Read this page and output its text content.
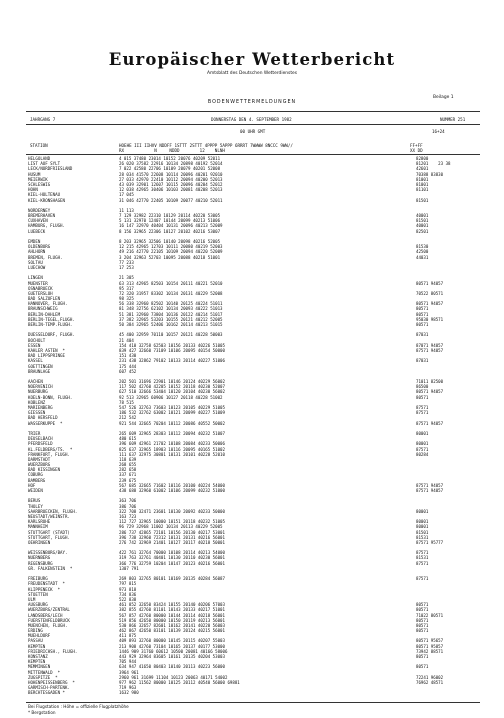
Europäischer Wetterbericht
Amtsblatt des Deutschen Wetterdienstes
Beilage 1
BODENWETTERMELDUNGEN
JAHRGANG 7	DONNERSTAG DEN 4. SEPTEMBER 1982	NUMMER 251
00 UHR GMT	16+24
STATION	HOEHE III IIHVV NDDFF 1STTT 2STTT 4PPPP 5APPP 6RRRT 7WWWW 8NCCC 9WW//
RX            N     NDDD        12    NLNH
FF+FF
XX DD
HELGOLAND	4 015 37480 23014 10152 20076 40209 52011	82800
LIST AUF SYLT	26 020 37582 22916 10134 20898 40192 52014	81201    23 38
LECK/NORDFRIESLAND	7 022 42580 22706 10109 20079 40201 52008	42601
HUSUM	28 034 41570 22608 10114 20096 40201 92010	70388 83830
MEIERWIK	27 033 42970 22410 10112 20094 40200 52013	81001
SCHLESWIG	43 039 32901 12607 10115 20096 40204 52012	81001
HOHN	12 038 42965 30406 10103 20081 40208 52013	81101
KIEL-HOLTENAU	17 045
KIEL-KRONSHAGEN	31 046 42770 22405 10109 20077 40210 52011	81501
NORDERNEY	11 113
BREMERHAVEN	7 129 32982 22310 10129 20114 40220 53005	40001
CUXHAVEN	5 131 32970 12407 10144 20099 40213 51006	81501
HAMBURG, FLUGH.	16 147 32970 40404 10131 20096 40213 52009	40001
LUEBECK	8 156 32965 22306 10127 20102 40216 53007	82501
EMDEN	8 203 32965 32506 10140 20098 40216 52005
OLDENBURG	12 215 42965 12703 10111 20080 40219 52003	81530
AHLHORN	49 216 42770 22105 10109 20094 40220 52009	42500
BREMEN, FLUGH.	3 204 32963 52703 10095 20088 40218 51001	44031
SOLTAU	77 233
LUECHOW	17 253
LINGEN	21 305
MUENSTER	63 313 42965 82503 10154 20111 40221 52010	80571 94057
OSNABRUECK	95 317
GUETERSLOH	72 320 31957 83302 10134 20131 40229 52008	70522 80571
BAD SALZUFLEN	98 325
HANNOVER, FLUGH.	56 338 32960 82502 10140 20125 40224 51011	80571 94057
BRAUNSCHWEIG	81 348 32756 62102 10134 20093 40222 51013	80571
BERLIN-DAHLEM	51 381 32960 73804 10136 20122 40214 51017	80571
BERLIN-TEGEL,FLUGH.	37 382 32965 53203 10155 20121 40212 52005	95030 98571
BERLIN-TEMP.FLUGH.	50 384 32965 52406 10162 20114 40213 51015	80571
DUESSELDORF, FLUGH.	45 400 32959 70110 10157 20121 40228 50003	87031
BOCHOLT	21 404
ESSEN	154 410 32758 62503 10156 20133 40226 51005	87071 94057
KAHLER ASTEN  *	839 427 32660 73109 10106 20095 40154 50000	87571 94057
BAD LIPPSPRINGE	151 430
KASSEL	231 438 32862 79102 10133 20114 40227 51006	87031
GOETTINGEN	175 444
BRAUNLAGE	607 452
AACHEN	202 501 31696 22901 10146 20124 40229 56002	71011 82500
NOERVENICH	117 502 42760 42205 10152 20118 40230 52007	86500
NUERBURG	627 510 32666 53404 10120 20104 40230 56002	80571 94057
KOELN-BONN, FLUGH.	92 513 32965 60906 10127 20118 40228 51002	80571
KOBLENZ	78 515
MARIENBERG	547 526 32763 73603 10123 20105 40229 51005	87571
GIESSEN	186 532 32762 63002 10121 20099 40227 51009	87571
BAD HERSFELD	212 542
WASSERKUPPE  *	921 544 32665 70204 10112 20086 40552 50002	87571 94057
TRIER	265 609 32965 28303 10112 20094 40232 51007	80001
DEUSELBACH	480 615
PFERDSFELD	396 609 42961 21702 10108 20084 40233 50006	80001
KL.FELDBERG/TS.  *	825 637 32965 18903 10116 20095 40165 51002	87571
FRANKFURT, FLUGH.	111 637 32975 30801 10131 20101 40228 52010	80284
DARMSTADT	118 639
WUERZBURG	268 655
BAD KISSINGEN	282 658
COBURG	337 671
BAMBERG	239 675
HOF	567 685 32665 71602 10116 20100 40224 54000	87571 94057
WEIDEN	438 688 32960 61002 10106 20099 40232 51000	87571 94057
BERUS	363 706
THOLEY	386 706
SAARBRUECKEN, FLUGH.	322 708 32471 23601 10130 20092 40233 50000	80001
NEUSTADT/WEINSTR.	163 723
KARLSRUHE	112 727 32965 10000 10151 20118 40232 51005	80001
MANNHEIM	96 729 32968 11002 10134 20113 40229 52005	80001
STUTTGART (STADT)	286 737 42865 72101 10156 20130 40217 53001	81501
STUTTGART, FLUGH.	396 738 32960 72312 10131 20131 40216 56001	81531
OEHRINGEN	276 742 32969 21401 10127 20117 40218 50001	87571 95777
WEISSENBURG/BAY.	422 761 32764 70000 10108 20114 40213 54000	87571
NUERNBERG	319 763 32761 40401 10130 20110 40230 56001	81531
REGENSBURG	366 776 32759 10204 10147 20123 40216 56001	87571
GR. FALKENSTEIN  *	1307 791
FREIBURG	269 803 32765 80101 10169 20135 40284 56087	87571
FREUDENSTADT  *	797 815
KLIPPENECK  *	973 818
STOETTEN	734 836
ULM	522 838
AUGSBURG	461 852 32650 83424 10155 20140 40206 57003	80571
WUERZBURG/ZENTRAL	382 855 42760 81101 10143 20133 40217 51001	80571
LANDSBERG/LECH	567 857 42760 80000 10144 20114 40218 56001	71022 80571
FUERSTENFELDBRUCK	519 856 42650 80000 10150 20119 40213 56001	80571
MUENCHEN, FLUGH.	530 866 32657 82601 10162 20141 40220 56003	80571
ERDING	462 867 42650 83101 10139 20124 40215 56001	80571
MUEHLDORF	411 875
PASSAU	409 893 32760 80000 10145 20115 40207 55003	80571 95657
KEMPTEN	213 908 42760 73104 10165 20137 40177 53000	80571 95857
FRIEDRICHSH., FLUGH.	1446 909 31760 60612 10500 20081 40166 58006	73942 88571
KONSTANZ	443 929 32964 83605 10161 20135 40204 53003	80571
KEMPTEN	705 944
MEMMINGEN	634 947 41650 80403 10140 20113 40223 56000	80571
MITTENWALD  *	3964 961
ZUGSPITZE  *	2960 961 31699 11104 10123 20063 40171 54002	72241 96002
HOHENPEISSENBERG  *	977 962 11562 80000 10125 20112 40540 56000 69881	76962 48571
GARMISCH-PARTENK.	719 963
BERCHTESGADEN *	1632 980
Bei Flugstation : Höhe = offizielle Flugplatzhöhe
* Bergstation
